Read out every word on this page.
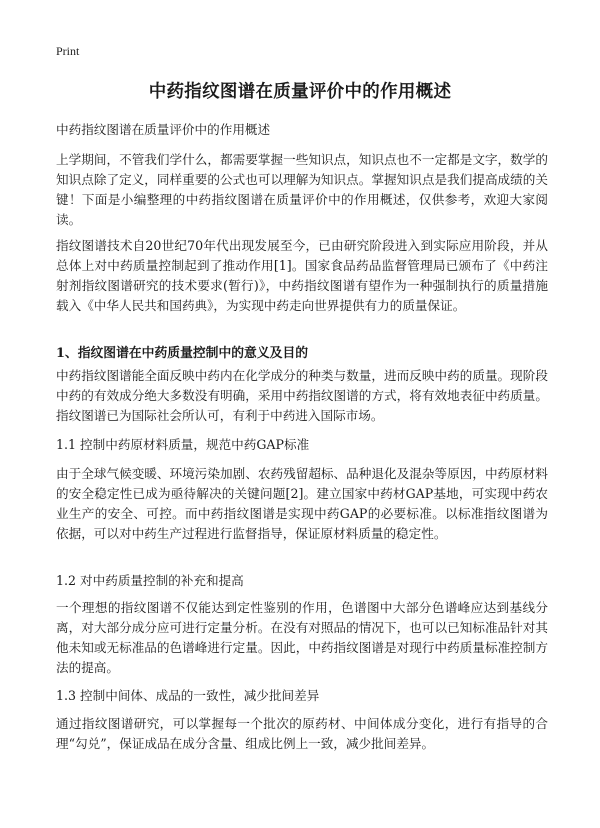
Print
中药指纹图谱在质量评价中的作用概述
中药指纹图谱在质量评价中的作用概述

上学期间，不管我们学什么，都需要掌握一些知识点，知识点也不一定都是文字，数学的知识点除了定义，同样重要的公式也可以理解为知识点。掌握知识点是我们提高成绩的关键！下面是小编整理的中药指纹图谱在质量评价中的作用概述，仅供参考，欢迎大家阅读。

指纹图谱技术自20世纪70年代出现发展至今，已由研究阶段进入到实际应用阶段，并从总体上对中药质量控制起到了推动作用[1]。国家食品药品监督管理局已颁布了《中药注射剂指纹图谱研究的技术要求(暂行)》，中药指纹图谱有望作为一种强制执行的质量措施载入《中华人民共和国药典》，为实现中药走向世界提供有力的质量保证。

1、指纹图谱在中药质量控制中的意义及目的

中药指纹图谱能全面反映中药内在化学成分的种类与数量，进而反映中药的质量。现阶段中药的有效成分绝大多数没有明确，采用中药指纹图谱的方式，将有效地表征中药质量。指纹图谱已为国际社会所认可，有利于中药进入国际市场。

1.1 控制中药原材料质量，规范中药GAP标准

由于全球气候变暖、环境污染加剧、农药残留超标、品种退化及混杂等原因，中药原材料的安全稳定性已成为亟待解决的关键问题[2]。建立国家中药材GAP基地，可实现中药农业生产的安全、可控。而中药指纹图谱是实现中药GAP的必要标准。以标准指纹图谱为依据，可以对中药生产过程进行监督指导，保证原材料质量的稳定性。

1.2 对中药质量控制的补充和提高

一个理想的指纹图谱不仅能达到定性鉴别的作用，色谱图中大部分色谱峰应达到基线分离，对大部分成分应可进行定量分析。在没有对照品的情况下，也可以已知标准品针对其他未知或无标准品的色谱峰进行定量。因此，中药指纹图谱是对现行中药质量标准控制方法的提高。

1.3 控制中间体、成品的一致性，减少批间差异

通过指纹图谱研究，可以掌握每一个批次的原药材、中间体成分变化，进行有指导的合理“勾兑”，保证成品在成分含量、组成比例上一致，减少批间差异。
